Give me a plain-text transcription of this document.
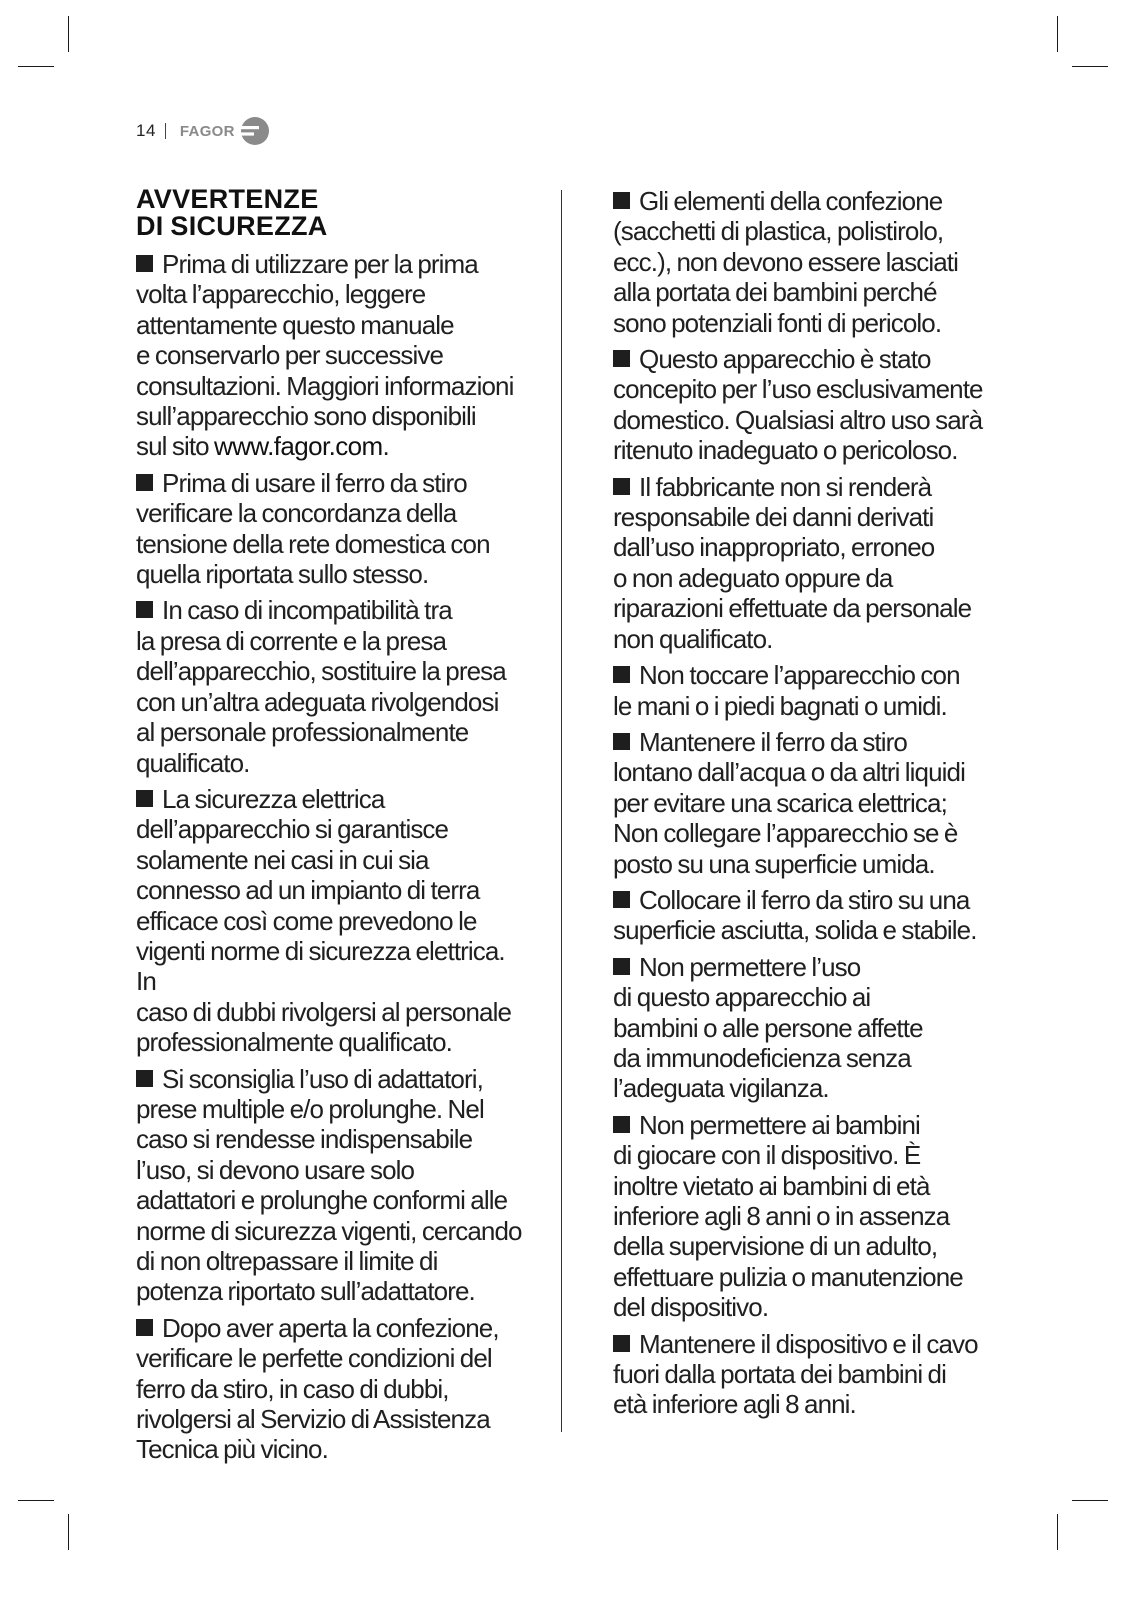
14 FAGOR
AVVERTENZE
DI SICUREZZA
Prima di utilizzare per la prima
volta l’apparecchio, leggere
attentamente questo manuale
e conservarlo per successive
consultazioni. Maggiori informazioni
sull’apparecchio sono disponibili
sul sito www.fagor.com.
Prima di usare il ferro da stiro
verificare la concordanza della
tensione della rete domestica con
quella riportata sullo stesso.
In caso di incompatibilità tra
la presa di corrente e la presa
dell’apparecchio, sostituire la presa
con un’altra adeguata rivolgendosi
al personale professionalmente
qualificato.
La sicurezza elettrica
dell’apparecchio si garantisce
solamente nei casi in cui sia
connesso ad un impianto di terra
efficace così come prevedono le
vigenti norme di sicurezza elettrica. In
caso di dubbi rivolgersi al personale
professionalmente qualificato.
Si sconsiglia l’uso di adattatori,
prese multiple e/o prolunghe. Nel
caso si rendesse indispensabile
l’uso, si devono usare solo
adattatori e prolunghe conformi alle
norme di sicurezza vigenti, cercando
di non oltrepassare il limite di
potenza riportato sull’adattatore.
Dopo aver aperta la confezione,
verificare le perfette condizioni del
ferro da stiro, in caso di dubbi,
rivolgersi al Servizio di Assistenza
Tecnica più vicino.
Gli elementi della confezione
(sacchetti di plastica, polistirolo,
ecc.), non devono essere lasciati
alla portata dei bambini perché
sono potenziali fonti di pericolo.
Questo apparecchio è stato
concepito per l’uso esclusivamente
domestico. Qualsiasi altro uso sarà
ritenuto inadeguato o pericoloso.
Il fabbricante non si renderà
responsabile dei danni derivati
dall’uso inappropriato, erroneo
o non adeguato oppure da
riparazioni effettuate da personale
non qualificato.
Non toccare l’apparecchio con
le mani o i piedi bagnati o umidi.
Mantenere il ferro da stiro
lontano dall’acqua o da altri liquidi
per evitare una scarica elettrica;
Non collegare l’apparecchio se è
posto su una superficie umida.
Collocare il ferro da stiro su una
superficie asciutta, solida e stabile.
Non permettere l’uso
di questo apparecchio ai
bambini o alle persone affette
da immunodeficienza senza
l’adeguata vigilanza.
Non permettere ai bambini
di giocare con il dispositivo. È
inoltre vietato ai bambini di età
inferiore agli 8 anni o in assenza
della supervisione di un adulto,
effettuare pulizia o manutenzione
del dispositivo.
Mantenere il dispositivo e il cavo
fuori dalla portata dei bambini di
età inferiore agli 8 anni.
